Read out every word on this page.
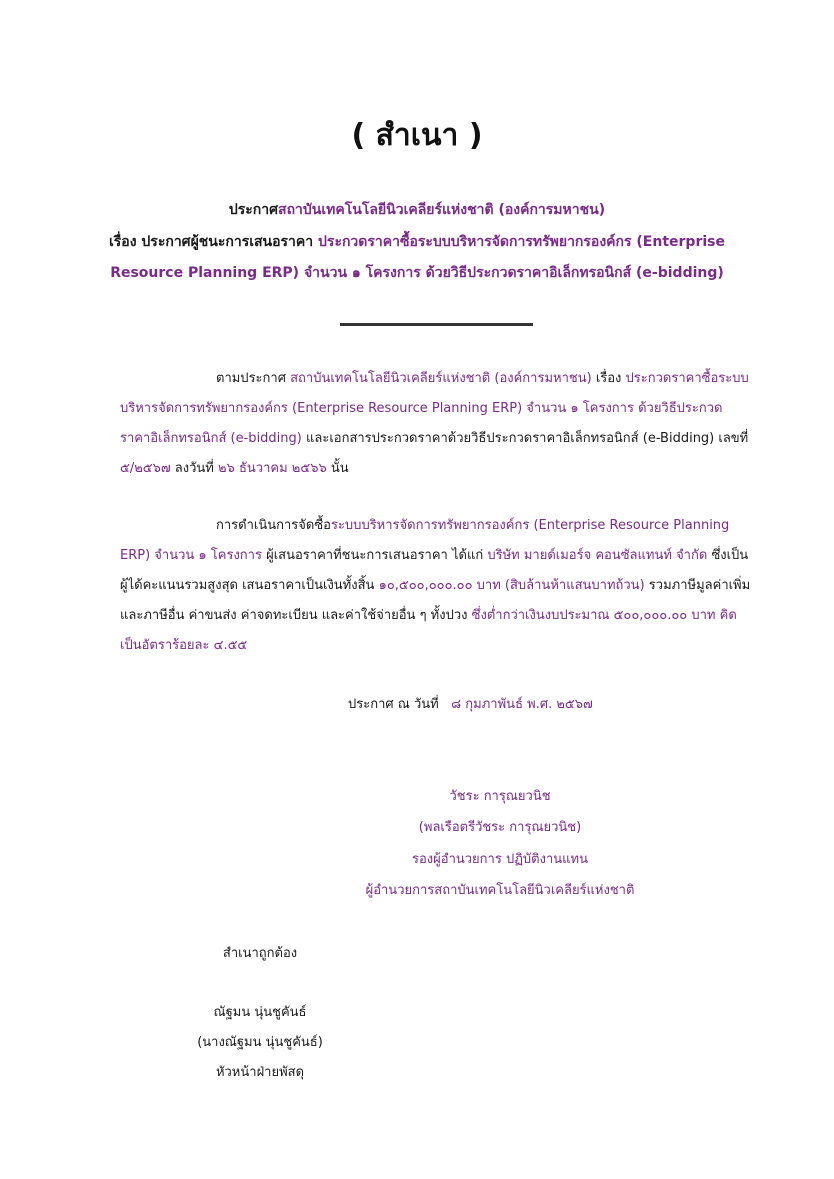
( สำเนา )
ประกาศสถาบันเทคโนโลยีนิวเคลียร์แห่งชาติ (องค์การมหาชน)
เรื่อง ประกาศผู้ชนะการเสนอราคา ประกวดราคาซื้อระบบบริหารจัดการทรัพยากรองค์กร (Enterprise
Resource Planning ERP) จำนวน ๑ โครงการ ด้วยวิธีประกวดราคาอิเล็กทรอนิกส์ (e-bidding)
ตามประกาศ สถาบันเทคโนโลยีนิวเคลียร์แห่งชาติ (องค์การมหาชน) เรื่อง ประกวดราคาซื้อระบบบริหารจัดการทรัพยากรองค์กร (Enterprise Resource Planning ERP) จำนวน ๑ โครงการ ด้วยวิธีประกวดราคาอิเล็กทรอนิกส์ (e-bidding) และเอกสารประกวดราคาด้วยวิธีประกวดราคาอิเล็กทรอนิกส์ (e-Bidding) เลขที่ ๕/๒๕๖๗ ลงวันที่ ๒๖ ธันวาคม ๒๕๖๖ นั้น
การดำเนินการจัดซื้อระบบบริหารจัดการทรัพยากรองค์กร (Enterprise Resource Planning ERP) จำนวน ๑ โครงการ ผู้เสนอราคาที่ชนะการเสนอราคา ได้แก่ บริษัท มายด์เมอร์จ คอนซัลแทนท์ จำกัด ซึ่งเป็นผู้ได้คะแนนรวมสูงสุด เสนอราคาเป็นเงินทั้งสิ้น ๑๐,๕๐๐,๐๐๐.๐๐ บาท (สิบล้านห้าแสนบาทถ้วน) รวมภาษีมูลค่าเพิ่มและภาษีอื่น ค่าขนส่ง ค่าจดทะเบียน และค่าใช้จ่ายอื่น ๆ ทั้งปวง ซึ่งต่ำกว่าเงินงบประมาณ ๕๐๐,๐๐๐.๐๐ บาท คิดเป็นอัตราร้อยละ ๔.๕๕
ประกาศ ณ วันที่ ๘ กุมภาพันธ์ พ.ศ. ๒๕๖๗
วัชระ การุณยวนิช
(พลเรือตรีวัชระ การุณยวนิช)
รองผู้อำนวยการ ปฏิบัติงานแทน
ผู้อำนวยการสถาบันเทคโนโลยีนิวเคลียร์แห่งชาติ
สำเนาถูกต้อง
ณัฐมน นุ่นชูคันธ์
(นางณัฐมน นุ่นชูคันธ์)
หัวหน้าฝ่ายพัสดุ
